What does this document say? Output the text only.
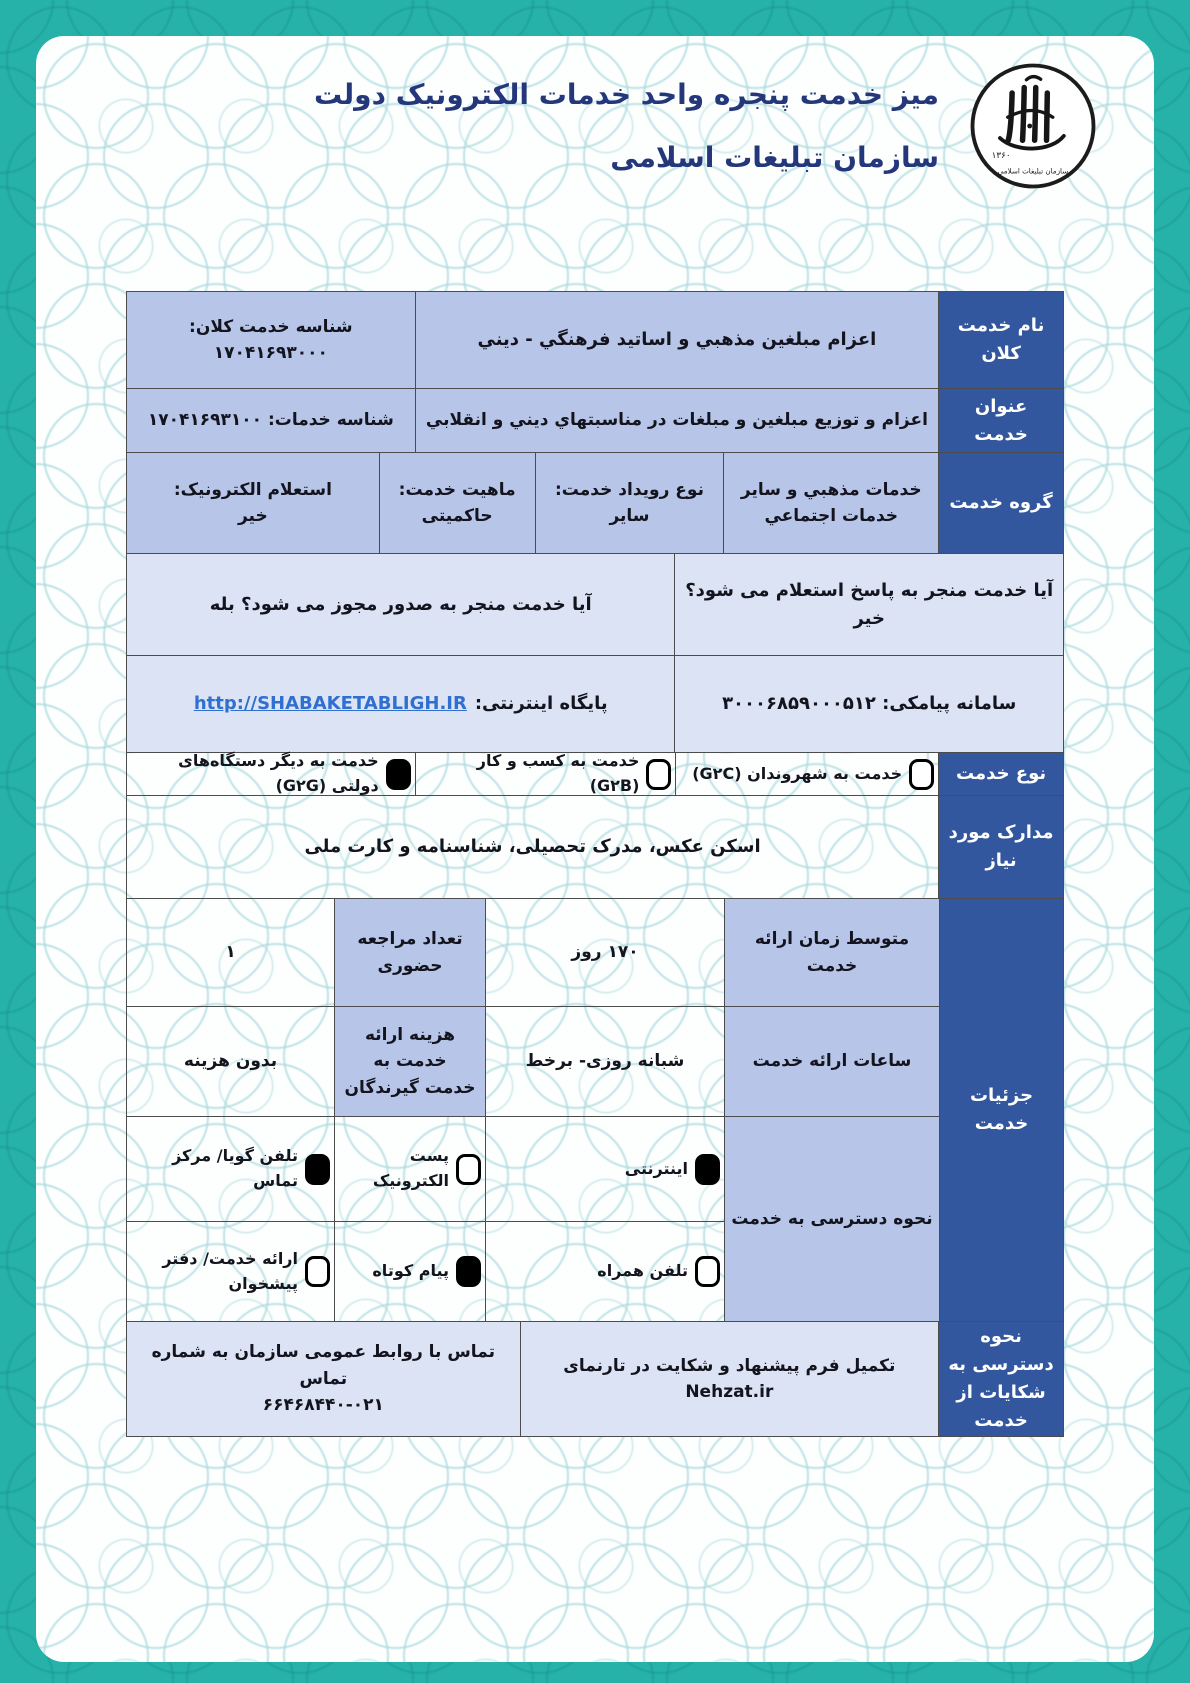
۱۳۶۰
سازمان تبلیغات اسلامی
میز خدمت پنجره واحد خدمات الکترونیک دولت
سازمان تبلیغات اسلامی
نام خدمت کلان
اعزام مبلغين مذهبي و اساتيد فرهنگي - ديني
شناسه خدمت کلان: ۱۷۰۴۱۶۹۳۰۰۰
عنوان خدمت
اعزام و توزيع مبلغين و مبلغات در مناسبتهاي ديني و انقلابي
شناسه خدمات: ۱۷۰۴۱۶۹۳۱۰۰
گروه خدمت
خدمات مذهبي و ساير
خدمات اجتماعي
نوع رويداد خدمت:
ساير
ماهیت خدمت:
حاکمیتی
استعلام الکترونیک:
خیر
آیا خدمت منجر به پاسخ استعلام می شود؟ خیر
آیا خدمت منجر به صدور مجوز می شود؟ بله
سامانه پیامکی: ۳۰۰۰۶۸۵۹۰۰۰۵۱۲
پایگاه اینترنتی:
http://SHABAKETABLIGH.IR
نوع خدمت
خدمت به شهروندان (G۲C)
خدمت به کسب و کار (G۲B)
خدمت به دیگر دستگاه‌های دولتی (G۲G)
مدارک مورد نیاز
اسکن عکس، مدرک تحصیلی، شناسنامه و کارت ملی
جزئیات خدمت
متوسط زمان ارائه خدمت
۱۷۰ روز
تعداد مراجعه
حضوری
۱
ساعات ارائه خدمت
شبانه روزی- برخط
هزینه ارائه خدمت به
خدمت گیرندگان
بدون هزینه
نحوه دسترسی به خدمت
اینترنتی
پست الکترونیک
تلفن گویا/ مرکز تماس
تلفن همراه
پیام کوتاه
ارائه خدمت/ دفتر پیشخوان
نحوه دسترسی به
شکایات از خدمت
تکمیل فرم پیشنهاد و شکایت در تارنمای Nehzat.ir
تماس با روابط عمومی سازمان به شماره تماس
۶۶۴۶۸۴۴۰-۰۲۱
